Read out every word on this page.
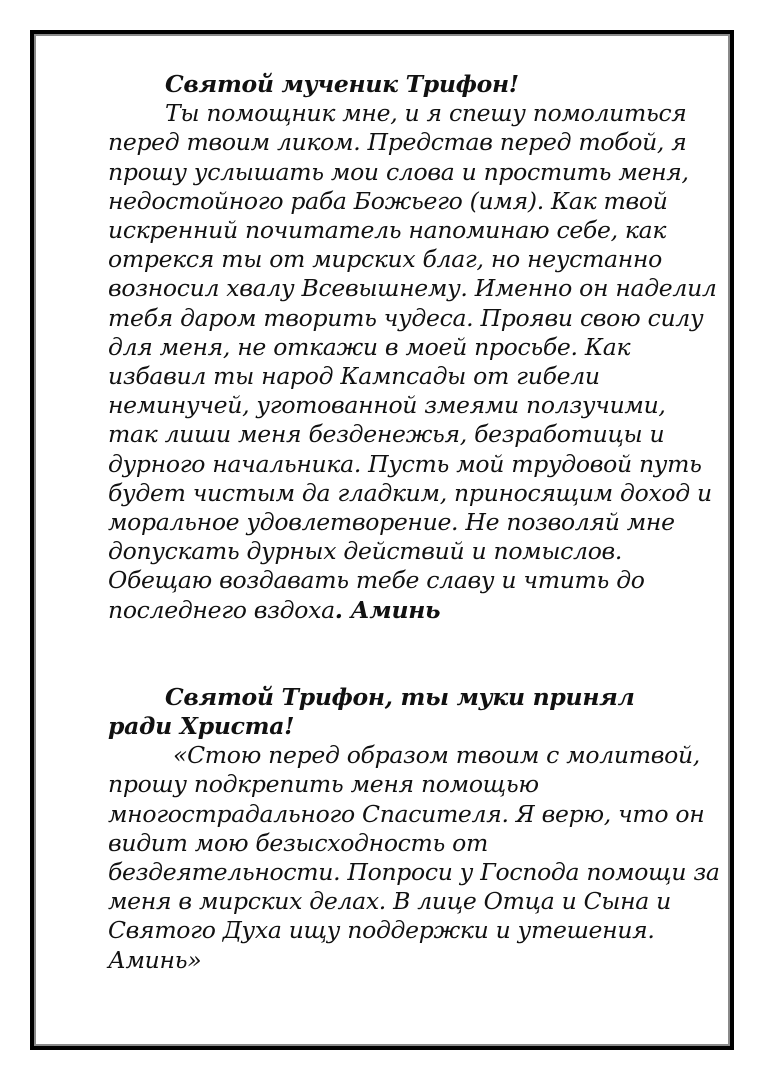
Святой мученик Трифон!
Ты помощник мне, и я спешу помолиться
перед твоим ликом. Представ перед тобой, я
прошу услышать мои слова и простить меня,
недостойного раба Божьего (имя). Как твой
искренний почитатель напоминаю себе, как
отрекся ты от мирских благ, но неустанно
возносил хвалу Всевышнему. Именно он наделил
тебя даром творить чудеса. Прояви свою силу
для меня, не откажи в моей просьбе. Как
избавил ты народ Кампсады от гибели
неминучей, уготованной змеями ползучими,
так лиши меня безденежья, безработицы и
дурного начальника. Пусть мой трудовой путь
будет чистым да гладким, приносящим доход и
моральное удовлетворение. Не позволяй мне
допускать дурных действий и помыслов.
Обещаю воздавать тебе славу и чтить до
последнего вздоха. Аминь
Святой Трифон, ты муки принял
ради Христа!
«Стою перед образом твоим с молитвой,
прошу подкрепить меня помощью
многострадального Спасителя. Я верю, что он
видит мою безысходность от
бездеятельности. Попроси у Господа помощи за
меня в мирских делах. В лице Отца и Сына и
Святого Духа ищу поддержки и утешения.
Аминь»
